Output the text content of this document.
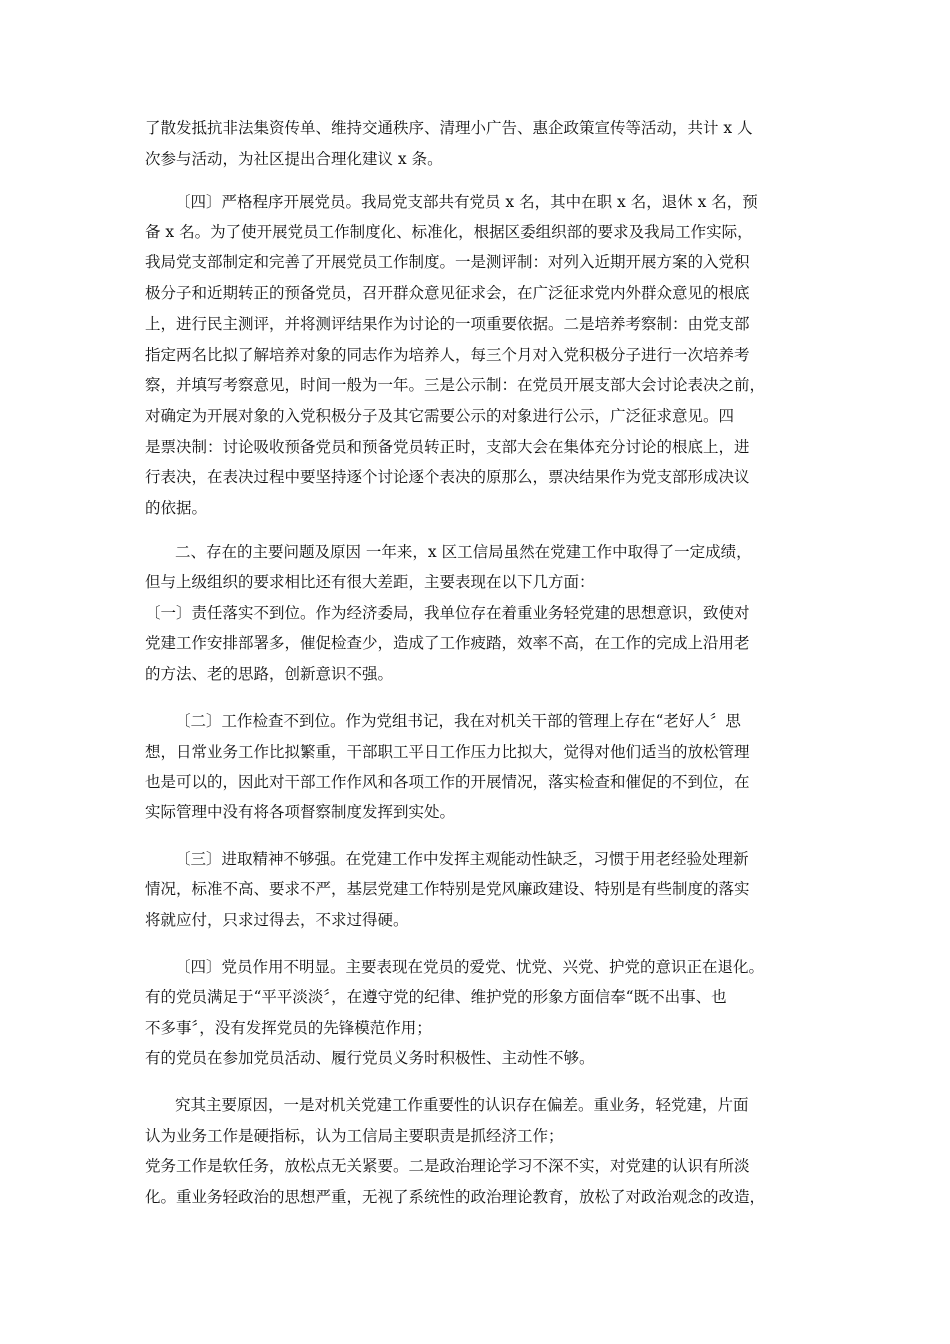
了散发抵抗非法集资传单、维持交通秩序、清理小广告、惠企政策宣传等活动，共计 x 人
次参与活动，为社区提出合理化建议 x 条。
〔四〕严格程序开展党员。我局党支部共有党员 x 名，其中在职 x 名，退休 x 名，预
备 x 名。为了使开展党员工作制度化、标准化，根据区委组织部的要求及我局工作实际，
我局党支部制定和完善了开展党员工作制度。一是测评制：对列入近期开展方案的入党积
极分子和近期转正的预备党员，召开群众意见征求会，在广泛征求党内外群众意见的根底
上，进行民主测评，并将测评结果作为讨论的一项重要依据。二是培养考察制：由党支部
指定两名比拟了解培养对象的同志作为培养人，每三个月对入党积极分子进行一次培养考
察，并填写考察意见，时间一般为一年。三是公示制：在党员开展支部大会讨论表决之前，
对确定为开展对象的入党积极分子及其它需要公示的对象进行公示，广泛征求意见。四
是票决制：讨论吸收预备党员和预备党员转正时，支部大会在集体充分讨论的根底上，进
行表决，在表决过程中要坚持逐个讨论逐个表决的原那么，票决结果作为党支部形成决议
的依据。
二、存在的主要问题及原因 一年来，x 区工信局虽然在党建工作中取得了一定成绩，
但与上级组织的要求相比还有很大差距，主要表现在以下几方面：
〔一〕责任落实不到位。作为经济委局，我单位存在着重业务轻党建的思想意识，致使对
党建工作安排部署多，催促检查少，造成了工作疲踏，效率不高，在工作的完成上沿用老
的方法、老的思路，创新意识不强。
〔二〕工作检查不到位。作为党组书记，我在对机关干部的管理上存在“老好人〞思
想，日常业务工作比拟繁重，干部职工平日工作压力比拟大，觉得对他们适当的放松管理
也是可以的，因此对干部工作作风和各项工作的开展情况，落实检查和催促的不到位，在
实际管理中没有将各项督察制度发挥到实处。
〔三〕进取精神不够强。在党建工作中发挥主观能动性缺乏，习惯于用老经验处理新
情况，标准不高、要求不严，基层党建工作特别是党风廉政建设、特别是有些制度的落实
将就应付，只求过得去，不求过得硬。
〔四〕党员作用不明显。主要表现在党员的爱党、忧党、兴党、护党的意识正在退化。
有的党员满足于“平平淡淡〞，在遵守党的纪律、维护党的形象方面信奉“既不出事、也
不多事〞，没有发挥党员的先锋模范作用；
有的党员在参加党员活动、履行党员义务时积极性、主动性不够。
究其主要原因，一是对机关党建工作重要性的认识存在偏差。重业务，轻党建，片面
认为业务工作是硬指标，认为工信局主要职责是抓经济工作；
党务工作是软任务，放松点无关紧要。二是政治理论学习不深不实，对党建的认识有所淡
化。重业务轻政治的思想严重，无视了系统性的政治理论教育，放松了对政治观念的改造，
